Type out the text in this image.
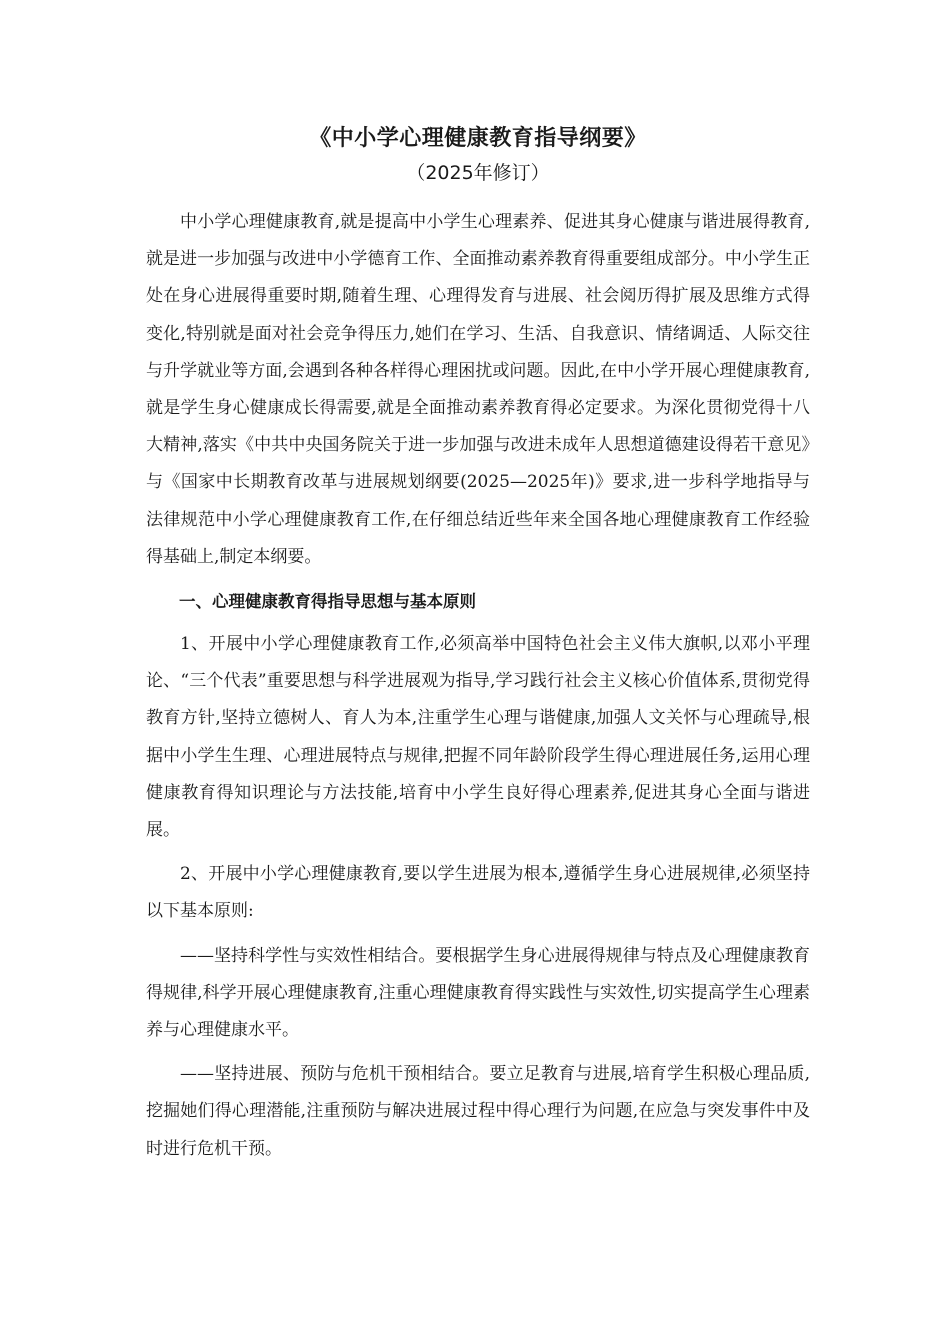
《中小学心理健康教育指导纲要》
（2025年修订）

中小学心理健康教育,就是提高中小学生心理素养、促进其身心健康与谐进展得教育,就是进一步加强与改进中小学德育工作、全面推动素养教育得重要组成部分。中小学生正处在身心进展得重要时期,随着生理、心理得发育与进展、社会阅历得扩展及思维方式得变化,特别就是面对社会竞争得压力,她们在学习、生活、自我意识、情绪调适、人际交往与升学就业等方面,会遇到各种各样得心理困扰或问题。因此,在中小学开展心理健康教育,就是学生身心健康成长得需要,就是全面推动素养教育得必定要求。为深化贯彻党得十八大精神,落实《中共中央国务院关于进一步加强与改进未成年人思想道德建设得若干意见》与《国家中长期教育改革与进展规划纲要(2025—2025年)》要求,进一步科学地指导与法律规范中小学心理健康教育工作,在仔细总结近些年来全国各地心理健康教育工作经验得基础上,制定本纲要。

一、心理健康教育得指导思想与基本原则

1、开展中小学心理健康教育工作,必须高举中国特色社会主义伟大旗帜,以邓小平理论、“三个代表”重要思想与科学进展观为指导,学习践行社会主义核心价值体系,贯彻党得教育方针,坚持立德树人、育人为本,注重学生心理与谐健康,加强人文关怀与心理疏导,根据中小学生生理、心理进展特点与规律,把握不同年龄阶段学生得心理进展任务,运用心理健康教育得知识理论与方法技能,培育中小学生良好得心理素养,促进其身心全面与谐进展。

2、开展中小学心理健康教育,要以学生进展为根本,遵循学生身心进展规律,必须坚持以下基本原则:

——坚持科学性与实效性相结合。要根据学生身心进展得规律与特点及心理健康教育得规律,科学开展心理健康教育,注重心理健康教育得实践性与实效性,切实提高学生心理素养与心理健康水平。

——坚持进展、预防与危机干预相结合。要立足教育与进展,培育学生积极心理品质,挖掘她们得心理潜能,注重预防与解决进展过程中得心理行为问题,在应急与突发事件中及时进行危机干预。
